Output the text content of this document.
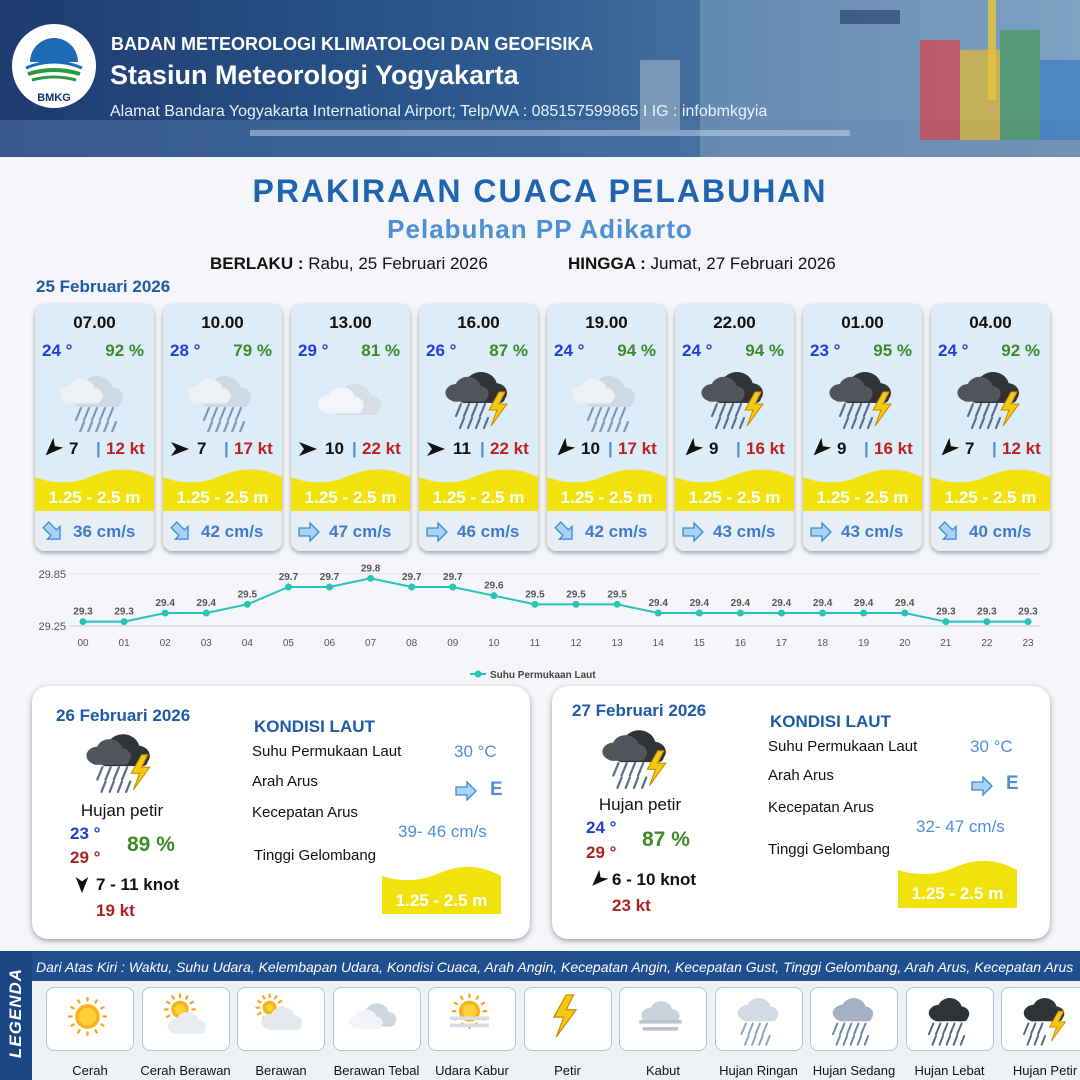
BMKG
BADAN METEOROLOGI KLIMATOLOGI DAN GEOFISIKA
Stasiun Meteorologi Yogyakarta
Alamat Bandara Yogyakarta International Airport; Telp/WA : 085157599865 I IG : infobmkgyia
PRAKIRAAN CUACA PELABUHAN
Pelabuhan PP Adikarto
BERLAKU : Rabu, 25 Februari 2026	HINGGA : Jumat, 27 Februari 2026
25 Februari 2026
07.00
24 ° 92 %
7 | 12 kt
1.25 - 2.5 m
36 cm/s
10.00
28 ° 79 %
7 | 17 kt
1.25 - 2.5 m
42 cm/s
13.00
29 ° 81 %
10 | 22 kt
1.25 - 2.5 m
47 cm/s
16.00
26 ° 87 %
11 | 22 kt
1.25 - 2.5 m
46 cm/s
19.00
24 ° 94 %
10 | 17 kt
1.25 - 2.5 m
42 cm/s
22.00
24 ° 94 %
9 | 16 kt
1.25 - 2.5 m
43 cm/s
01.00
23 ° 95 %
9 | 16 kt
1.25 - 2.5 m
43 cm/s
04.00
24 ° 92 %
7 | 12 kt
1.25 - 2.5 m
40 cm/s
29.85
29.25
29.3
00
29.3
01
29.4
02
29.4
03
29.5
04
29.7
05
29.7
06
29.8
07
29.7
08
29.7
09
29.6
10
29.5
11
29.5
12
29.5
13
29.4
14
29.4
15
29.4
16
29.4
17
29.4
18
29.4
19
29.4
20
29.3
21
29.3
22
29.3
23
Suhu Permukaan Laut
26 Februari 2026
Hujan petir
23 °
29 °
89 %
7 - 11 knot
19 kt
KONDISI LAUT
Suhu Permukaan Laut	30 °C
Arah Arus	E
Kecepatan Arus
39- 46 cm/s
Tinggi Gelombang
1.25 - 2.5 m
27 Februari 2026
Hujan petir
24 °
29 °
87 %
6 - 10 knot
23 kt
KONDISI LAUT
Suhu Permukaan Laut	30 °C
Arah Arus	E
Kecepatan Arus
32- 47 cm/s
Tinggi Gelombang
1.25 - 2.5 m
LEGENDA
Dari Atas Kiri : Waktu, Suhu Udara, Kelembapan Udara, Kondisi Cuaca, Arah Angin, Kecepatan Angin, Kecepatan Gust, Tinggi Gelombang, Arah Arus, Kecepatan Arus
Cerah	Cerah Berawan	Berawan	Berawan Tebal	Udara Kabur	Petir	Kabut	Hujan Ringan	Hujan Sedang	Hujan Lebat	Hujan Petir
